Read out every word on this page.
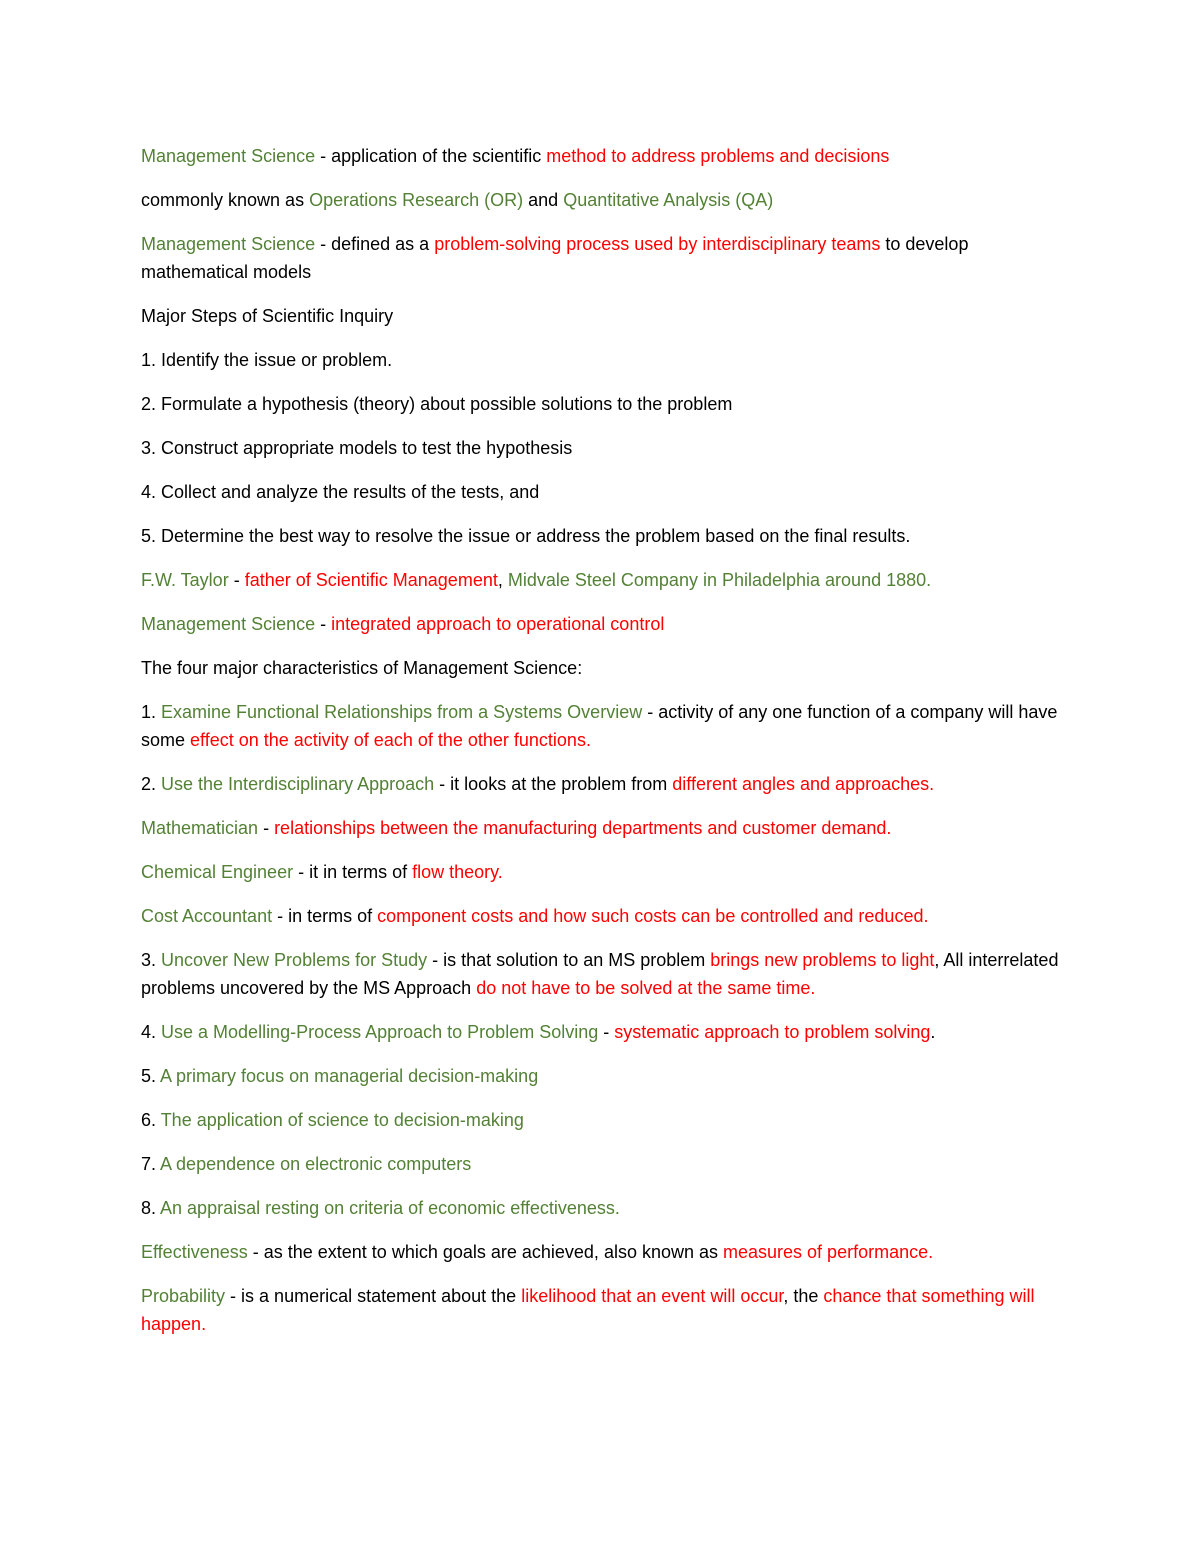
Management Science - application of the scientific method to address problems and decisions

commonly known as Operations Research (OR) and Quantitative Analysis (QA)

Management Science - defined as a problem-solving process used by interdisciplinary teams to develop mathematical models

Major Steps of Scientific Inquiry

1. Identify the issue or problem.

2. Formulate a hypothesis (theory) about possible solutions to the problem

3. Construct appropriate models to test the hypothesis

4. Collect and analyze the results of the tests, and

5. Determine the best way to resolve the issue or address the problem based on the final results.

F.W. Taylor - father of Scientific Management, Midvale Steel Company in Philadelphia around 1880.

Management Science - integrated approach to operational control

The four major characteristics of Management Science:

1. Examine Functional Relationships from a Systems Overview - activity of any one function of a company will have some effect on the activity of each of the other functions.

2. Use the Interdisciplinary Approach - it looks at the problem from different angles and approaches.

Mathematician - relationships between the manufacturing departments and customer demand.

Chemical Engineer - it in terms of flow theory.

Cost Accountant - in terms of component costs and how such costs can be controlled and reduced.

3. Uncover New Problems for Study - is that solution to an MS problem brings new problems to light, All interrelated problems uncovered by the MS Approach do not have to be solved at the same time.

4. Use a Modelling-Process Approach to Problem Solving - systematic approach to problem solving.

5. A primary focus on managerial decision-making

6. The application of science to decision-making

7. A dependence on electronic computers

8. An appraisal resting on criteria of economic effectiveness.

Effectiveness - as the extent to which goals are achieved, also known as measures of performance.

Probability - is a numerical statement about the likelihood that an event will occur, the chance that something will happen.
